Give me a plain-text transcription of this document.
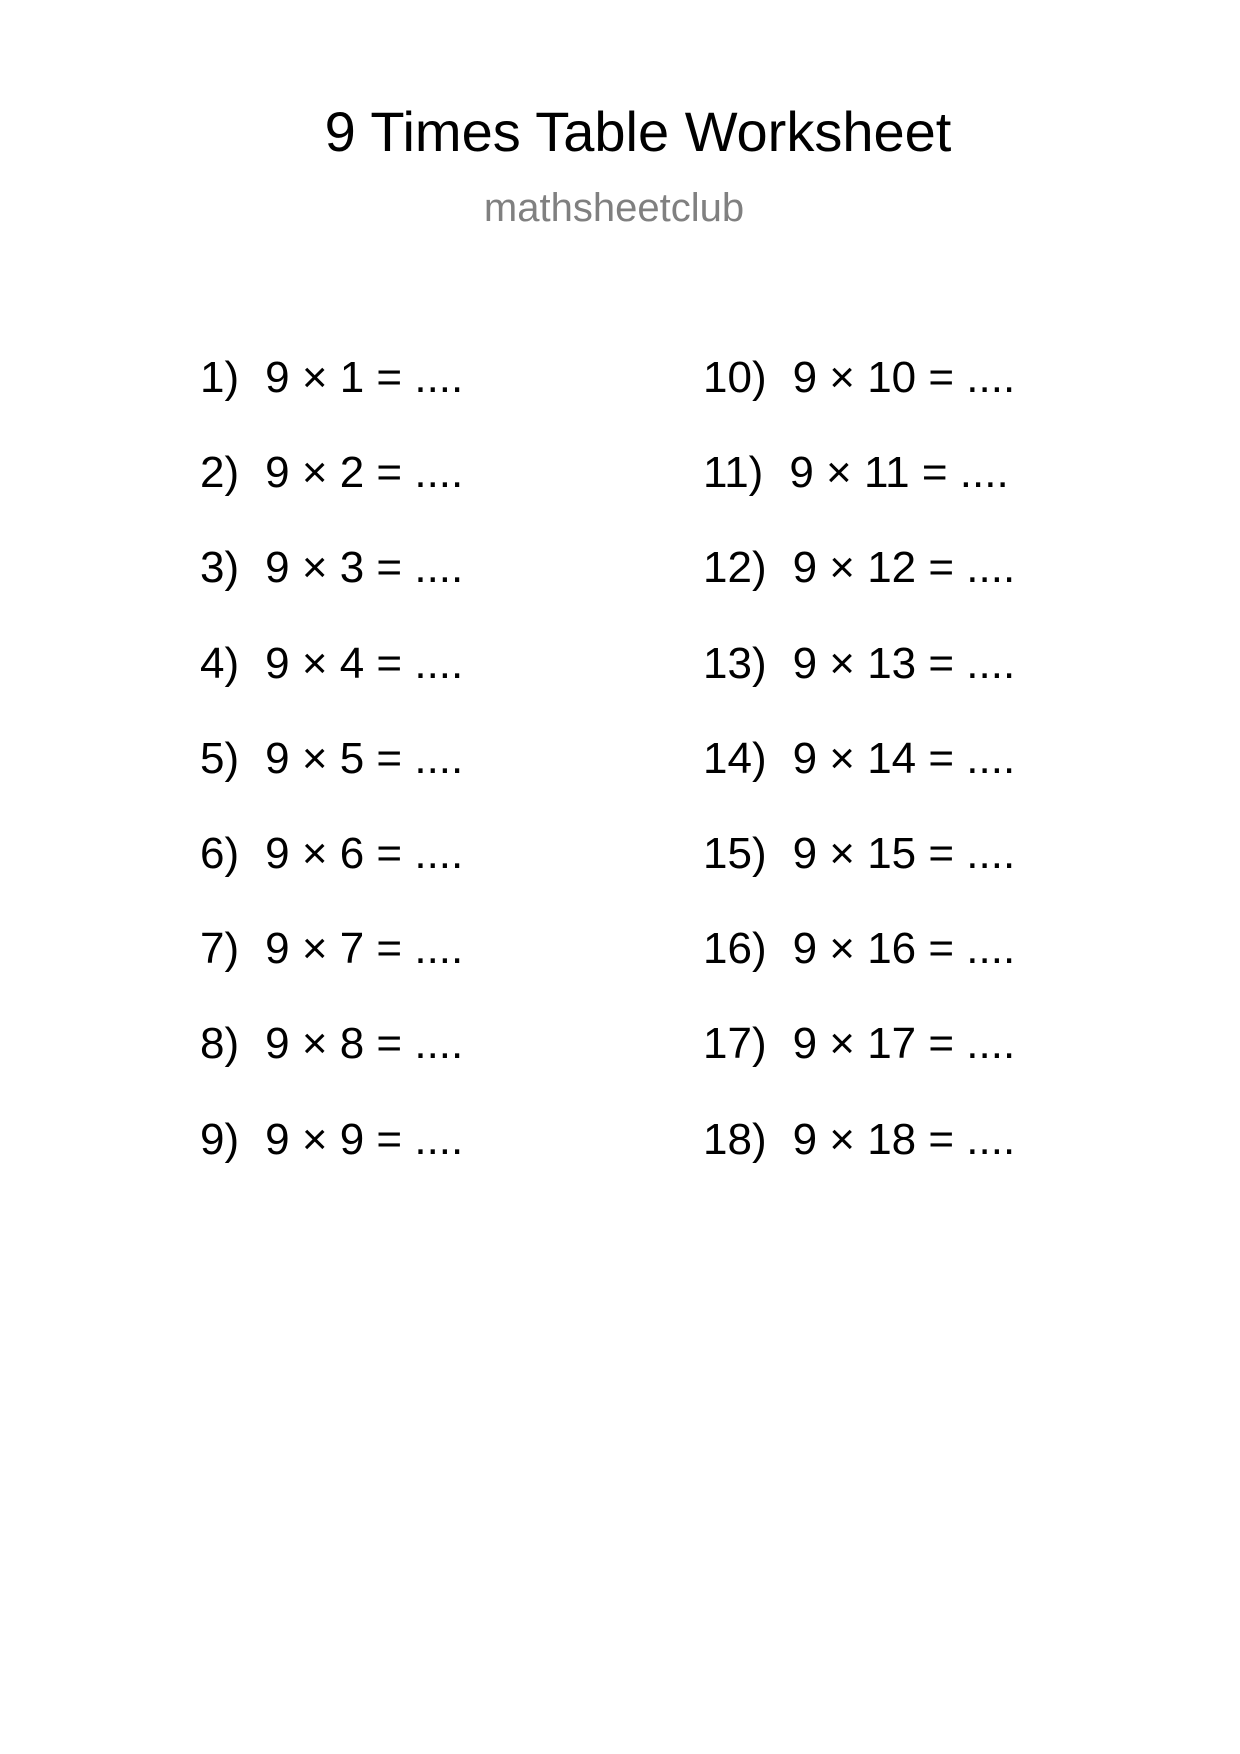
9 Times Table Worksheet

mathsheetclub

1) 9 × 1 = ....
2) 9 × 2 = ....
3) 9 × 3 = ....
4) 9 × 4 = ....
5) 9 × 5 = ....
6) 9 × 6 = ....
7) 9 × 7 = ....
8) 9 × 8 = ....
9) 9 × 9 = ....
10) 9 × 10 = ....
11) 9 × 11 = ....
12) 9 × 12 = ....
13) 9 × 13 = ....
14) 9 × 14 = ....
15) 9 × 15 = ....
16) 9 × 16 = ....
17) 9 × 17 = ....
18) 9 × 18 = ....
